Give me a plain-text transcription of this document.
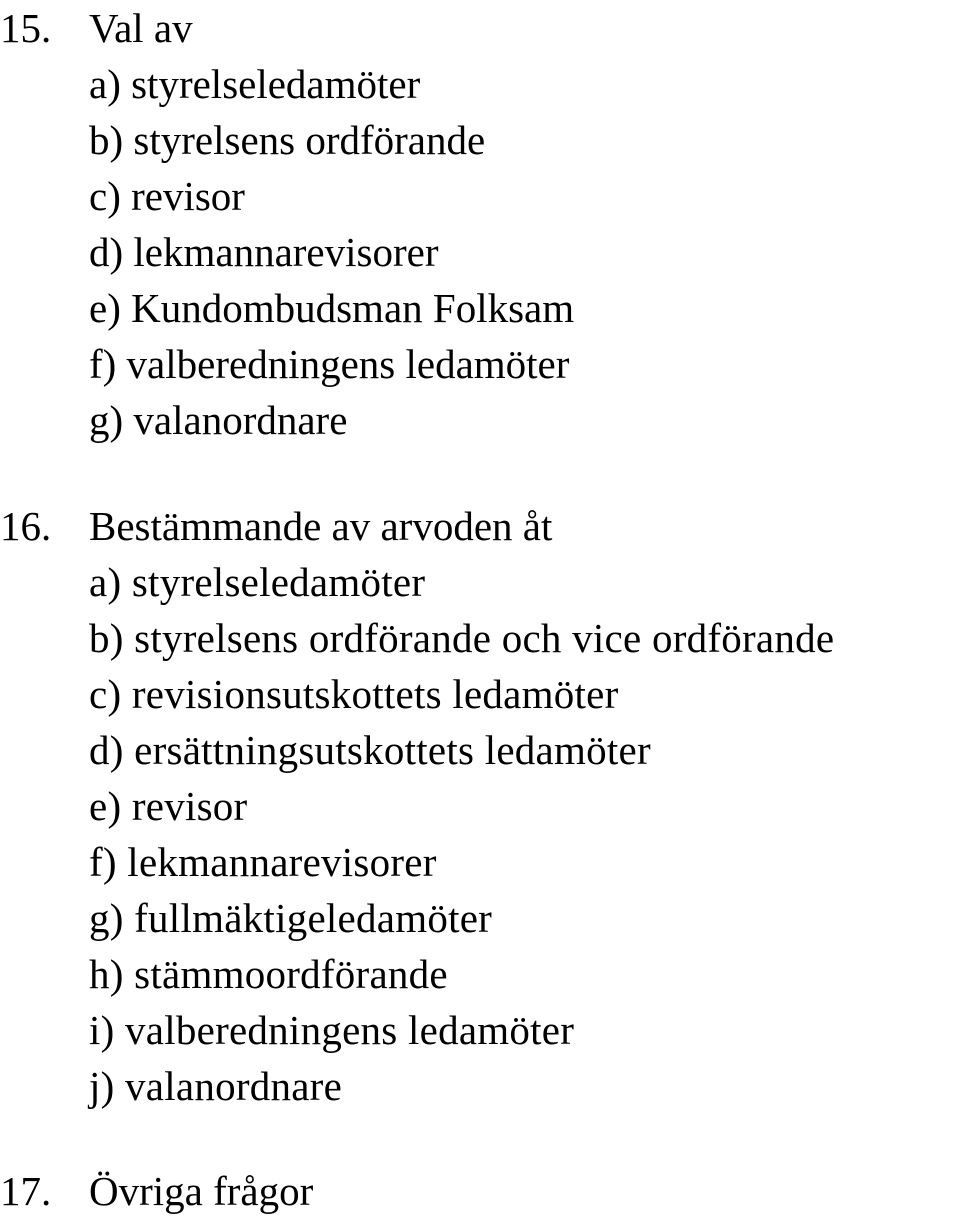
15. Val av
a) styrelseledamöter
b) styrelsens ordförande
c) revisor
d) lekmannarevisorer
e) Kundombudsman Folksam
f) valberedningens ledamöter
g) valanordnare
16. Bestämmande av arvoden åt
a) styrelseledamöter
b) styrelsens ordförande och vice ordförande
c) revisionsutskottets ledamöter
d) ersättningsutskottets ledamöter
e) revisor
f) lekmannarevisorer
g) fullmäktigeledamöter
h) stämmoordförande
i) valberedningens ledamöter
j) valanordnare
17. Övriga frågor
